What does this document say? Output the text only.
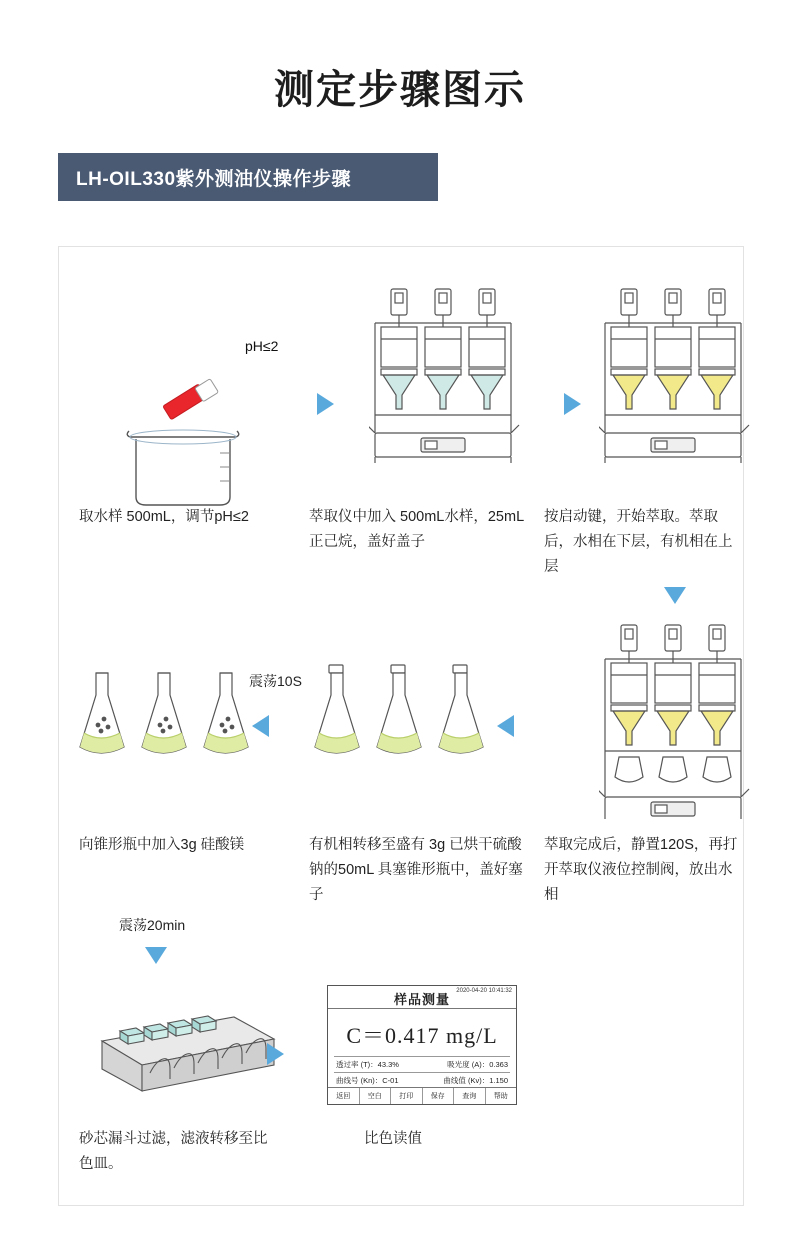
测定步骤图示
LH-OIL330紫外测油仪操作步骤
pH≤2
取水样 500mL，调节pH≤2	萃取仪中加入 500mL水样，25mL 正己烷，盖好盖子
按启动键，开始萃取。萃取后，水相在下层，有机相在上层
震荡10S
向锥形瓶中加入3g 硅酸镁	有机相转移至盛有 3g 已烘干硫酸钠的50mL 具塞锥形瓶中，盖好塞子
萃取完成后，静置120S，再打开萃取仪液位控制阀，放出水相
震荡20min
样品测量
2020-04-20 10:41:32
C＝0.417 mg/L
透过率 (T)：43.3%	吸光度 (A)：0.363
曲线号 (Kn)：C-01	曲线值 (Kv)：1.150
返回	空白	打印	保存	查询	帮助
砂芯漏斗过滤，滤液转移至比色皿。
比色读值
